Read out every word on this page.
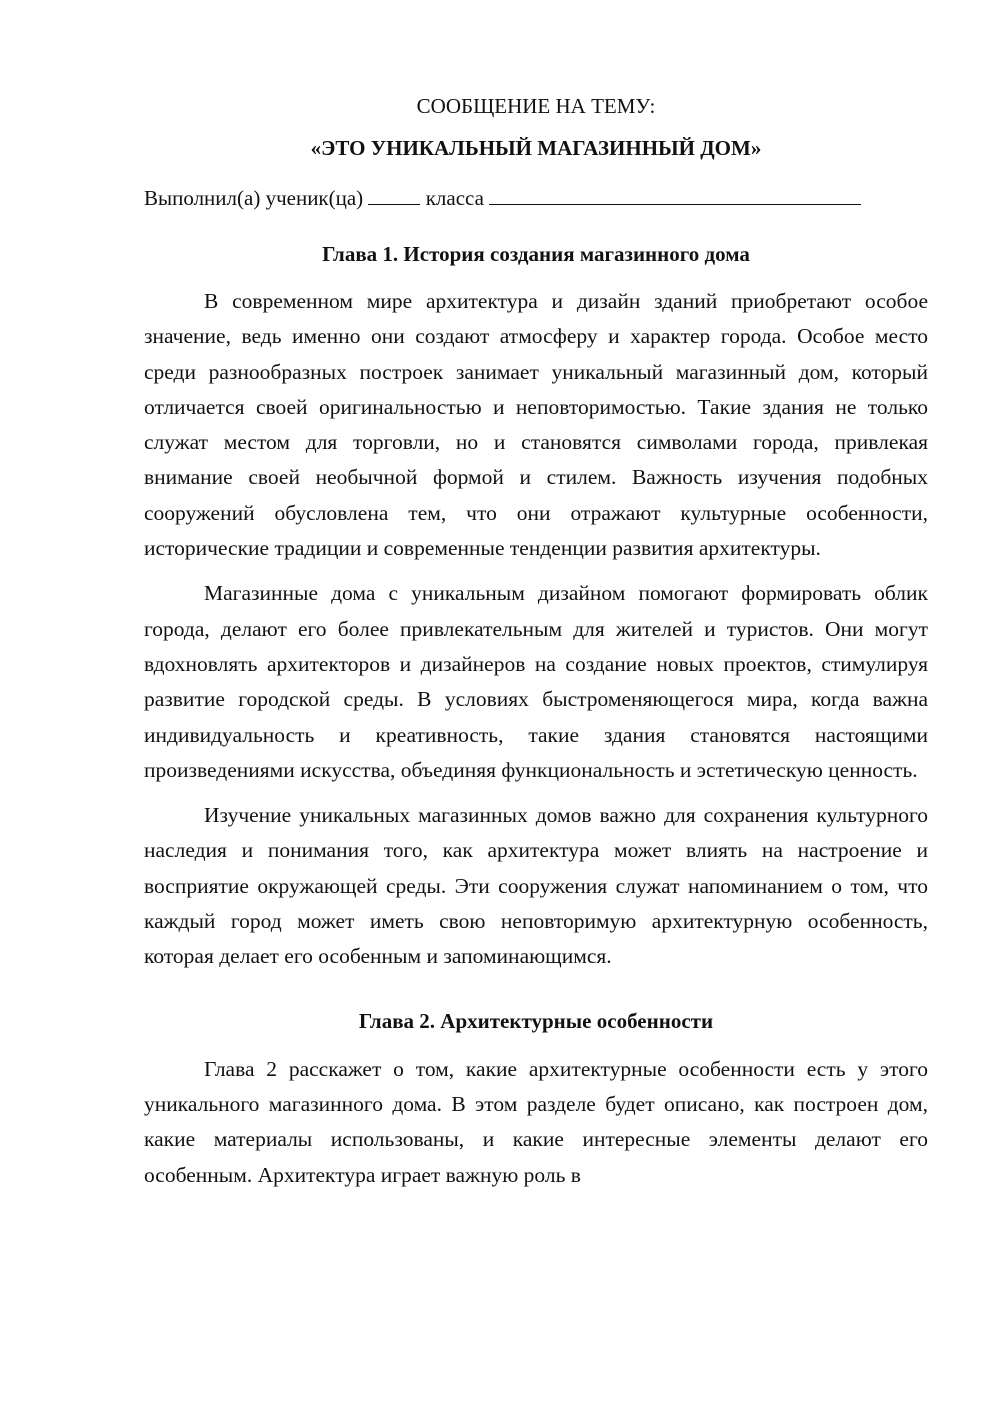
СООБЩЕНИЕ НА ТЕМУ:

«ЭТО УНИКАЛЬНЫЙ МАГАЗИННЫЙ ДОМ»

Выполнил(а) ученик(ца)	класса

Глава 1. История создания магазинного дома

В современном мире архитектура и дизайн зданий приобретают особое значение, ведь именно они создают атмосферу и характер города. Особое место среди разнообразных построек занимает уникальный магазинный дом, который отличается своей оригинальностью и неповторимостью. Такие здания не только служат местом для торговли, но и становятся символами города, привлекая внимание своей необычной формой и стилем. Важность изучения подобных сооружений обусловлена тем, что они отражают культурные особенности, исторические традиции и современные тенденции развития архитектуры.

Магазинные дома с уникальным дизайном помогают формировать облик города, делают его более привлекательным для жителей и туристов. Они могут вдохновлять архитекторов и дизайнеров на создание новых проектов, стимулируя развитие городской среды. В условиях быстроменяющегося мира, когда важна индивидуальность и креативность, такие здания становятся настоящими произведениями искусства, объединяя функциональность и эстетическую ценность.

Изучение уникальных магазинных домов важно для сохранения культурного наследия и понимания того, как архитектура может влиять на настроение и восприятие окружающей среды. Эти сооружения служат напоминанием о том, что каждый город может иметь свою неповторимую архитектурную особенность, которая делает его особенным и запоминающимся.

Глава 2. Архитектурные особенности

Глава 2 расскажет о том, какие архитектурные особенности есть у этого уникального магазинного дома. В этом разделе будет описано, как построен дом, какие материалы использованы, и какие интересные элементы делают его особенным. Архитектура играет важную роль в
